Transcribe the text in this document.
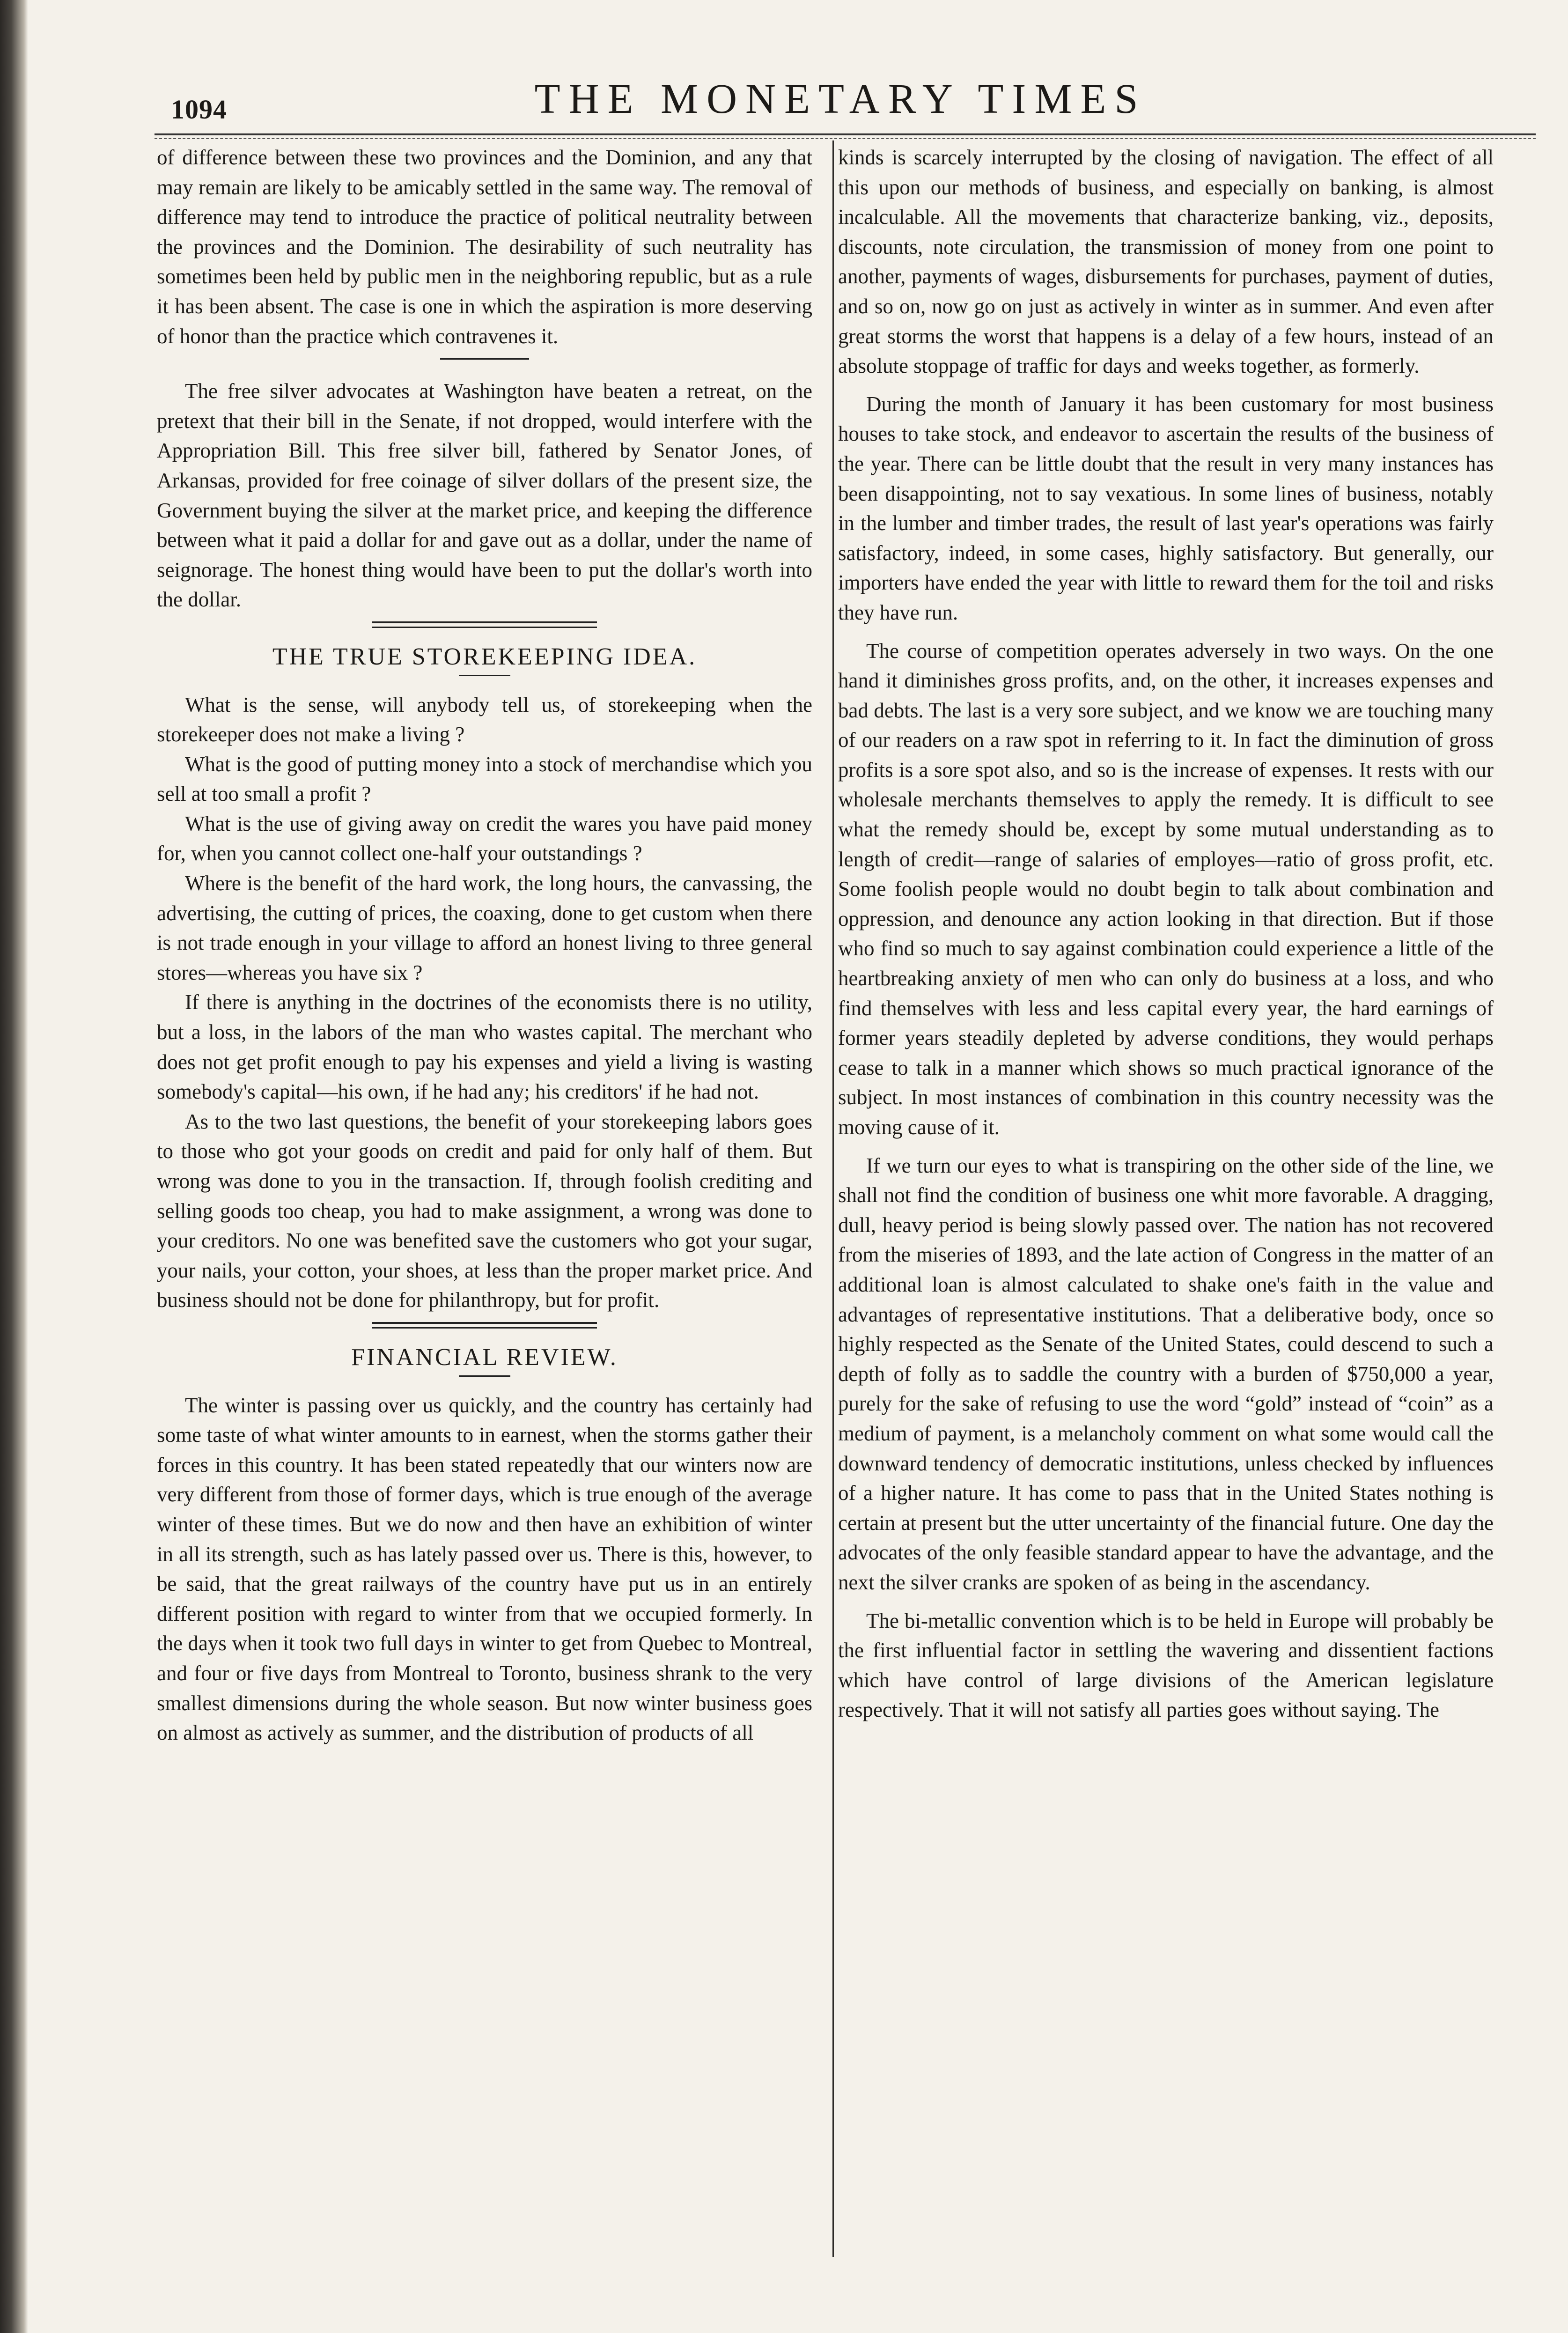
1094	THE MONETARY TIMES

of difference between these two provinces and the Dominion, and any that may remain are likely to be amicably settled in the same way. The removal of difference may tend to introduce the practice of political neutrality between the provinces and the Dominion. The desirability of such neutrality has sometimes been held by public men in the neighboring republic, but as a rule it has been absent. The case is one in which the aspiration is more deserving of honor than the practice which contravenes it.

The free silver advocates at Washington have beaten a retreat, on the pretext that their bill in the Senate, if not dropped, would interfere with the Appropriation Bill. This free silver bill, fathered by Senator Jones, of Arkansas, provided for free coinage of silver dollars of the present size, the Government buying the silver at the market price, and keeping the difference between what it paid a dollar for and gave out as a dollar, under the name of seignorage. The honest thing would have been to put the dollar's worth into the dollar.

THE TRUE STOREKEEPING IDEA.

What is the sense, will anybody tell us, of storekeeping when the storekeeper does not make a living ?

What is the good of putting money into a stock of merchandise which you sell at too small a profit ?

What is the use of giving away on credit the wares you have paid money for, when you cannot collect one-half your outstandings ?

Where is the benefit of the hard work, the long hours, the canvassing, the advertising, the cutting of prices, the coaxing, done to get custom when there is not trade enough in your village to afford an honest living to three general stores—whereas you have six ?

If there is anything in the doctrines of the economists there is no utility, but a loss, in the labors of the man who wastes capital. The merchant who does not get profit enough to pay his expenses and yield a living is wasting somebody's capital—his own, if he had any; his creditors' if he had not.

As to the two last questions, the benefit of your storekeeping labors goes to those who got your goods on credit and paid for only half of them. But wrong was done to you in the transaction. If, through foolish crediting and selling goods too cheap, you had to make assignment, a wrong was done to your creditors. No one was benefited save the customers who got your sugar, your nails, your cotton, your shoes, at less than the proper market price. And business should not be done for philanthropy, but for profit.

FINANCIAL REVIEW.

The winter is passing over us quickly, and the country has certainly had some taste of what winter amounts to in earnest, when the storms gather their forces in this country. It has been stated repeatedly that our winters now are very different from those of former days, which is true enough of the average winter of these times. But we do now and then have an exhibition of winter in all its strength, such as has lately passed over us. There is this, however, to be said, that the great railways of the country have put us in an entirely different position with regard to winter from that we occupied formerly. In the days when it took two full days in winter to get from Quebec to Montreal, and four or five days from Montreal to Toronto, business shrank to the very smallest dimensions during the whole season. But now winter business goes on almost as actively as summer, and the distribution of products of all

kinds is scarcely interrupted by the closing of navigation. The effect of all this upon our methods of business, and especially on banking, is almost incalculable. All the movements that characterize banking, viz., deposits, discounts, note circulation, the transmission of money from one point to another, payments of wages, disbursements for purchases, payment of duties, and so on, now go on just as actively in winter as in summer. And even after great storms the worst that happens is a delay of a few hours, instead of an absolute stoppage of traffic for days and weeks together, as formerly.

During the month of January it has been customary for most business houses to take stock, and endeavor to ascertain the results of the business of the year. There can be little doubt that the result in very many instances has been disappointing, not to say vexatious. In some lines of business, notably in the lumber and timber trades, the result of last year's operations was fairly satisfactory, indeed, in some cases, highly satisfactory. But generally, our importers have ended the year with little to reward them for the toil and risks they have run.

The course of competition operates adversely in two ways. On the one hand it diminishes gross profits, and, on the other, it increases expenses and bad debts. The last is a very sore subject, and we know we are touching many of our readers on a raw spot in referring to it. In fact the diminution of gross profits is a sore spot also, and so is the increase of expenses. It rests with our wholesale merchants themselves to apply the remedy. It is difficult to see what the remedy should be, except by some mutual understanding as to length of credit—range of salaries of employes—ratio of gross profit, etc. Some foolish people would no doubt begin to talk about combination and oppression, and denounce any action looking in that direction. But if those who find so much to say against combination could experience a little of the heartbreaking anxiety of men who can only do business at a loss, and who find themselves with less and less capital every year, the hard earnings of former years steadily depleted by adverse conditions, they would perhaps cease to talk in a manner which shows so much practical ignorance of the subject. In most instances of combination in this country necessity was the moving cause of it.

If we turn our eyes to what is transpiring on the other side of the line, we shall not find the condition of business one whit more favorable. A dragging, dull, heavy period is being slowly passed over. The nation has not recovered from the miseries of 1893, and the late action of Congress in the matter of an additional loan is almost calculated to shake one's faith in the value and advantages of representative institutions. That a deliberative body, once so highly respected as the Senate of the United States, could descend to such a depth of folly as to saddle the country with a burden of $750,000 a year, purely for the sake of refusing to use the word “gold” instead of “coin” as a medium of payment, is a melancholy comment on what some would call the downward tendency of democratic institutions, unless checked by influences of a higher nature. It has come to pass that in the United States nothing is certain at present but the utter uncertainty of the financial future. One day the advocates of the only feasible standard appear to have the advantage, and the next the silver cranks are spoken of as being in the ascendancy.

The bi-metallic convention which is to be held in Europe will probably be the first influential factor in settling the wavering and dissentient factions which have control of large divisions of the American legislature respectively. That it will not satisfy all parties goes without saying. The
